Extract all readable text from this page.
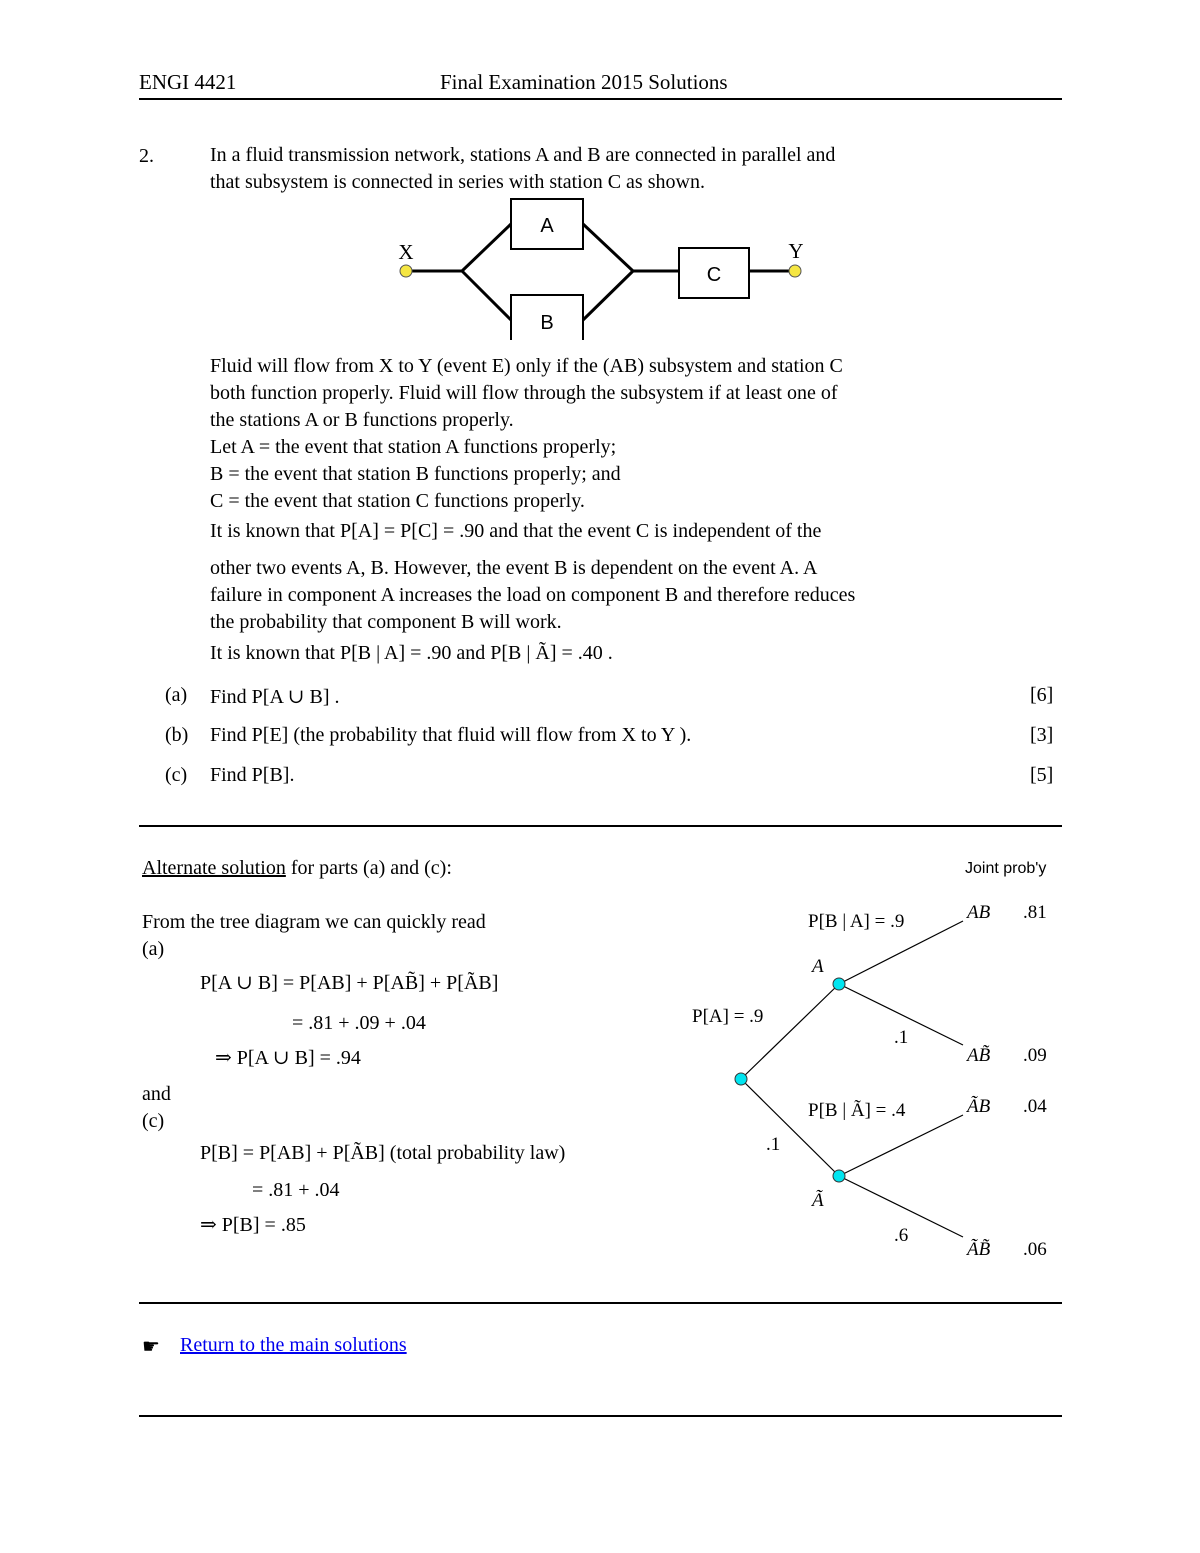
ENGI 4421	Final Examination 2015 Solutions
2.	In a fluid transmission network, stations A and B are connected in parallel and
that subsystem is connected in series with station C as shown.
A
B
C
X	Y
Fluid will flow from X to Y (event E) only if the (AB) subsystem and station C
both function properly. Fluid will flow through the subsystem if at least one of
the stations A or B functions properly.
Let A = the event that station A functions properly;
B = the event that station B functions properly; and
C = the event that station C functions properly.
It is known that P[A] = P[C] = .90 and that the event C is independent of the
other two events A, B. However, the event B is dependent on the event A. A
failure in component A increases the load on component B and therefore reduces
the probability that component B will work.
It is known that P[B | A] = .90 and P[B | Ã] = .40 .
(a) Find P[A ∪ B] .	[6]
(b) Find P[E] (the probability that fluid will flow from X to Y ).	[3]
(c) Find P[B].	[5]
Alternate solution for parts (a) and (c):
From the tree diagram we can quickly read
(a)
P[A ∪ B] = P[AB] + P[AB̃] + P[ÃB]
= .81 + .09 + .04
⇒ P[A ∪ B] = .94
and
(c)
P[B] = P[AB] + P[ÃB] (total probability law)
= .81 + .04
⇒ P[B] = .85
Joint prob'y
P[A] = .9
.1
P[B | A] = .9
.1
P[B | Ã] = .4
.6
A
Ã
AB .81
AB̃ .09
ÃB .04
ÃB̃ .06
☛ Return to the main solutions
